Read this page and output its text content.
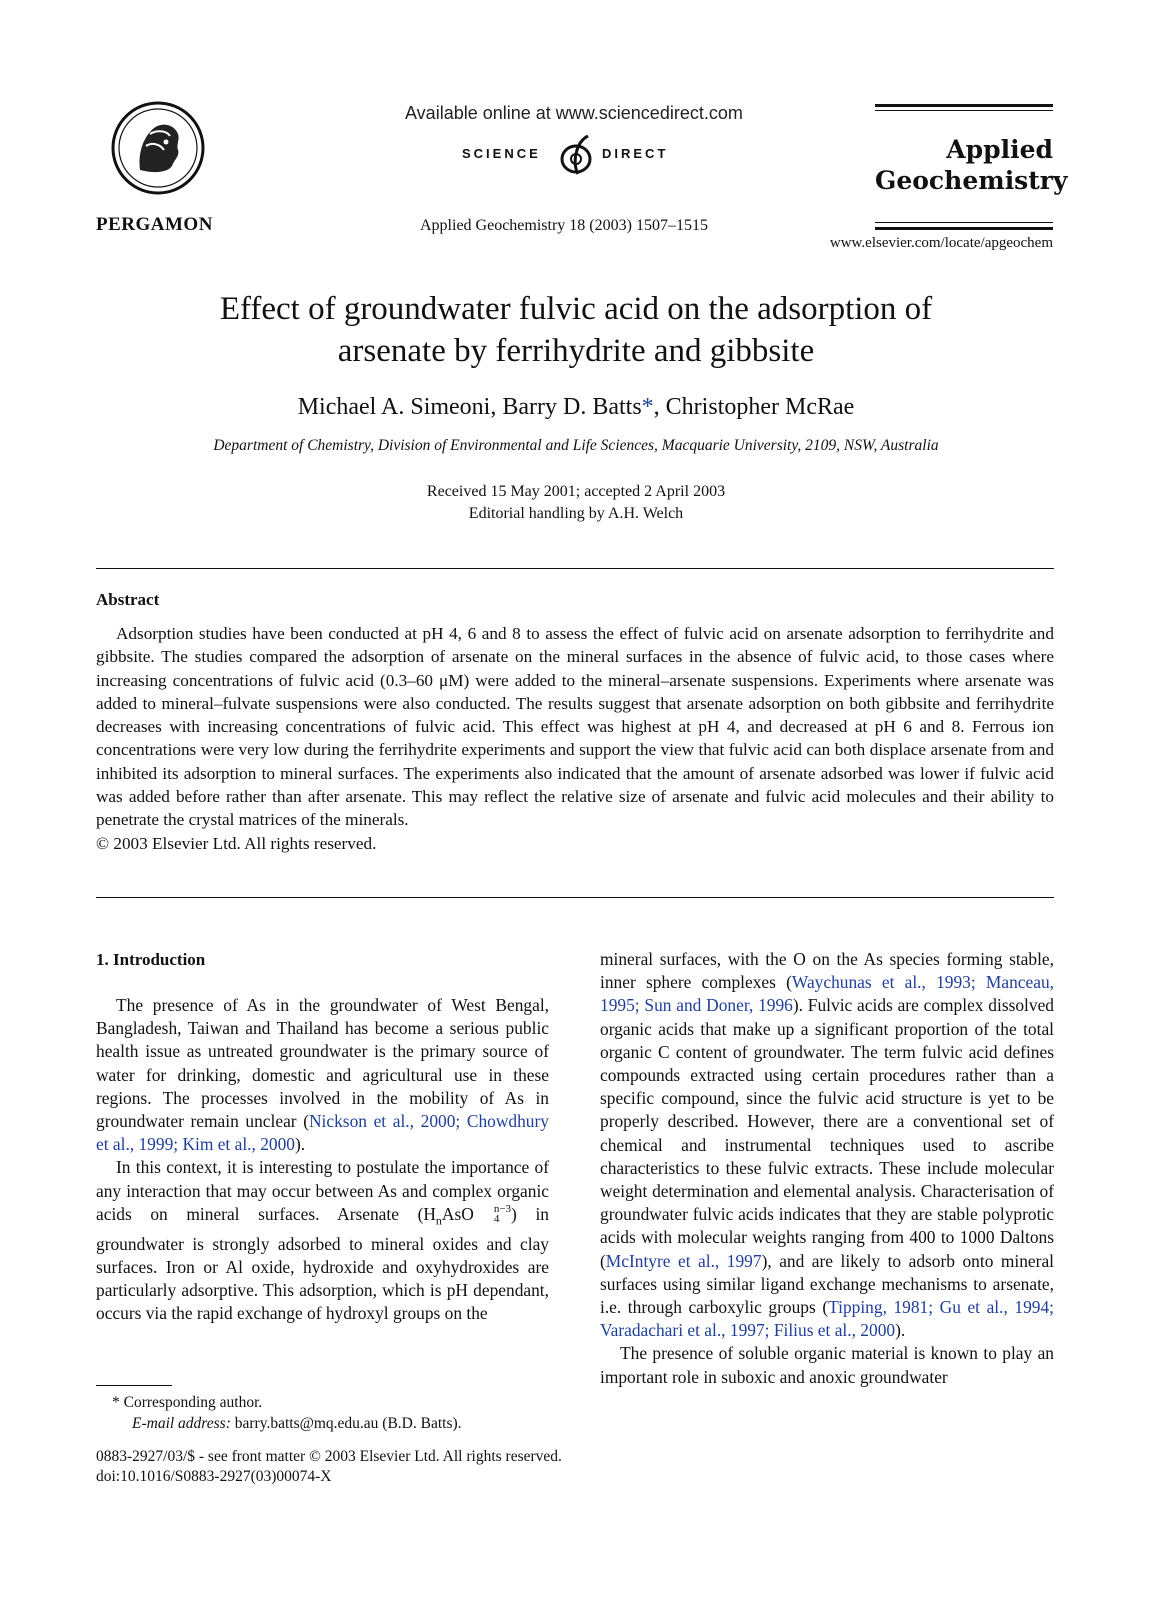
PERGAMON
Available online at www.sciencedirect.com
SCIENCE	DIRECT
Applied Geochemistry 18 (2003) 1507–1515
Applied
Geochemistry
www.elsevier.com/locate/apgeochem
Effect of groundwater fulvic acid on the adsorption of
arsenate by ferrihydrite and gibbsite
Michael A. Simeoni, Barry D. Batts*, Christopher McRae
Department of Chemistry, Division of Environmental and Life Sciences, Macquarie University, 2109, NSW, Australia
Received 15 May 2001; accepted 2 April 2003
Editorial handling by A.H. Welch
Abstract

Adsorption studies have been conducted at pH 4, 6 and 8 to assess the effect of fulvic acid on arsenate adsorption to ferrihydrite and gibbsite. The studies compared the adsorption of arsenate on the mineral surfaces in the absence of fulvic acid, to those cases where increasing concentrations of fulvic acid (0.3–60 μM) were added to the mineral–arsenate suspensions. Experiments where arsenate was added to mineral–fulvate suspensions were also conducted. The results suggest that arsenate adsorption on both gibbsite and ferrihydrite decreases with increasing concentrations of fulvic acid. This effect was highest at pH 4, and decreased at pH 6 and 8. Ferrous ion concentrations were very low during the ferrihydrite experiments and support the view that fulvic acid can both displace arsenate from and inhibited its adsorption to mineral surfaces. The experiments also indicated that the amount of arsenate adsorbed was lower if fulvic acid was added before rather than after arsenate. This may reflect the relative size of arsenate and fulvic acid molecules and their ability to penetrate the crystal matrices of the minerals.

© 2003 Elsevier Ltd. All rights reserved.
1. Introduction

The presence of As in the groundwater of West Bengal, Bangladesh, Taiwan and Thailand has become a serious public health issue as untreated groundwater is the primary source of water for drinking, domestic and agricultural use in these regions. The processes involved in the mobility of As in groundwater remain unclear (Nickson et al., 2000; Chowdhury et al., 1999; Kim et al., 2000).

In this context, it is interesting to postulate the importance of any interaction that may occur between As and complex organic acids on mineral surfaces. Arsenate ($H_nAsO$	n−3
4 ) in groundwater is strongly adsorbed to mineral oxides and clay surfaces. Iron or Al oxide, hydroxide and oxyhydroxides are particularly adsorptive. This adsorption, which is pH dependant, occurs via the rapid exchange of hydroxyl groups on the

mineral surfaces, with the O on the As species forming stable, inner sphere complexes (Waychunas et al., 1993; Manceau, 1995; Sun and Doner, 1996). Fulvic acids are complex dissolved organic acids that make up a significant proportion of the total organic C content of groundwater. The term fulvic acid defines compounds extracted using certain procedures rather than a specific compound, since the fulvic acid structure is yet to be properly described. However, there are a conventional set of chemical and instrumental techniques used to ascribe characteristics to these fulvic extracts. These include molecular weight determination and elemental analysis. Characterisation of groundwater fulvic acids indicates that they are stable polyprotic acids with molecular weights ranging from 400 to 1000 Daltons (McIntyre et al., 1997), and are likely to adsorb onto mineral surfaces using similar ligand exchange mechanisms to arsenate, i.e. through carboxylic groups (Tipping, 1981; Gu et al., 1994; Varadachari et al., 1997; Filius et al., 2000).

The presence of soluble organic material is known to play an important role in suboxic and anoxic groundwater

* Corresponding author.
E-mail address: barry.batts@mq.edu.au (B.D. Batts).
0883-2927/03/$ - see front matter © 2003 Elsevier Ltd. All rights reserved.
doi:10.1016/S0883-2927(03)00074-X
